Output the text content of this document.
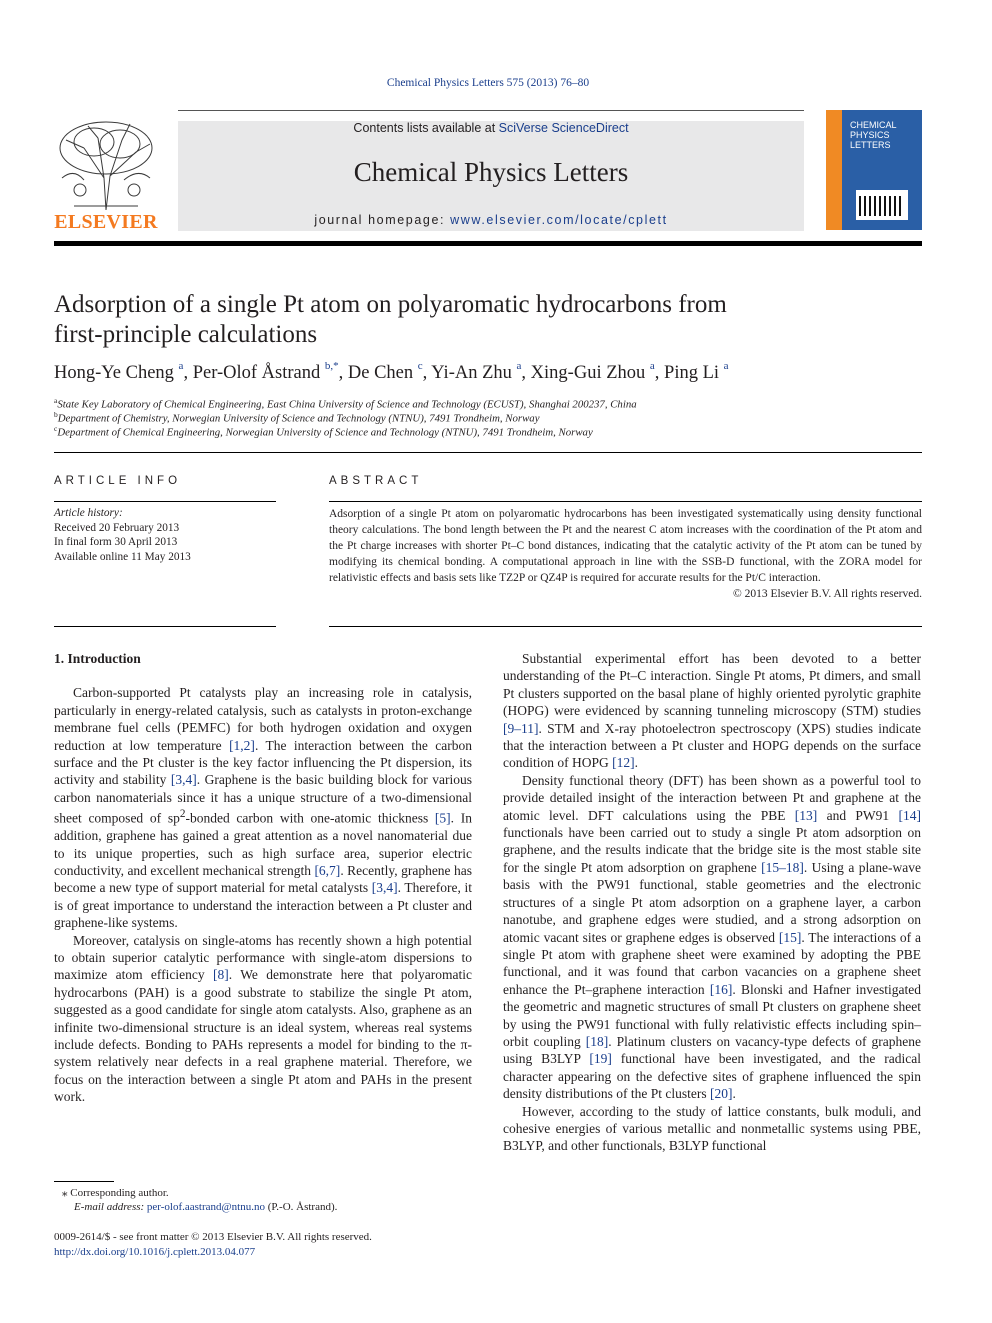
Chemical Physics Letters 575 (2013) 76–80
ELSEVIER
Contents lists available at SciVerse ScienceDirect
Chemical Physics Letters
journal homepage: www.elsevier.com/locate/cplett
CHEMICAL
PHYSICS
LETTERS
Adsorption of a single Pt atom on polyaromatic hydrocarbons from
first-principle calculations
Hong-Ye Cheng $^a$, Per-Olof Åstrand $^{b,*}$, De Chen $^c$, Yi-An Zhu $^a$, Xing-Gui Zhou $^a$, Ping Li $^a$
$^a$State Key Laboratory of Chemical Engineering, East China University of Science and Technology (ECUST), Shanghai 200237, China
$^b$Department of Chemistry, Norwegian University of Science and Technology (NTNU), 7491 Trondheim, Norway
$^c$Department of Chemical Engineering, Norwegian University of Science and Technology (NTNU), 7491 Trondheim, Norway
ARTICLE INFO
Article history:
Received 20 February 2013
In final form 30 April 2013
Available online 11 May 2013
ABSTRACT
Adsorption of a single Pt atom on polyaromatic hydrocarbons has been investigated systematically using density functional theory calculations. The bond length between the Pt and the nearest C atom increases with the coordination of the Pt atom and the Pt charge increases with shorter Pt–C bond distances, indicating that the catalytic activity of the Pt atom can be tuned by modifying its chemical bonding. A computational approach in line with the SSB-D functional, with the ZORA model for relativistic effects and basis sets like TZ2P or QZ4P is required for accurate results for the Pt/C interaction.
© 2013 Elsevier B.V. All rights reserved.
1. Introduction

Carbon-supported Pt catalysts play an increasing role in catalysis, particularly in energy-related catalysis, such as catalysts in proton-exchange membrane fuel cells (PEMFC) for both hydrogen oxidation and oxygen reduction at low temperature [1,2]. The interaction between the carbon surface and the Pt cluster is the key factor influencing the Pt dispersion, its activity and stability [3,4]. Graphene is the basic building block for various carbon nanomaterials since it has a unique structure of a two-dimensional sheet composed of $sp^2$-bonded carbon with one-atomic thickness [5]. In addition, graphene has gained a great attention as a novel nanomaterial due to its unique properties, such as high surface area, superior electric conductivity, and excellent mechanical strength [6,7]. Recently, graphene has become a new type of support material for metal catalysts [3,4]. Therefore, it is of great importance to understand the interaction between a Pt cluster and graphene-like systems.

Moreover, catalysis on single-atoms has recently shown a high potential to obtain superior catalytic performance with single-atom dispersions to maximize atom efficiency [8]. We demonstrate here that polyaromatic hydrocarbons (PAH) is a good substrate to stabilize the single Pt atom, suggested as a good candidate for single atom catalysts. Also, graphene as an infinite two-dimensional structure is an ideal system, whereas real systems include defects. Bonding to PAHs represents a model for binding to the π-system relatively near defects in a real graphene material. Therefore, we focus on the interaction between a single Pt atom and PAHs in the present work.

Substantial experimental effort has been devoted to a better understanding of the Pt–C interaction. Single Pt atoms, Pt dimers, and small Pt clusters supported on the basal plane of highly oriented pyrolytic graphite (HOPG) were evidenced by scanning tunneling microscopy (STM) studies [9–11]. STM and X-ray photoelectron spectroscopy (XPS) studies indicate that the interaction between a Pt cluster and HOPG depends on the surface condition of HOPG [12].

Density functional theory (DFT) has been shown as a powerful tool to provide detailed insight of the interaction between Pt and graphene at the atomic level. DFT calculations using the PBE [13] and PW91 [14] functionals have been carried out to study a single Pt atom adsorption on graphene, and the results indicate that the bridge site is the most stable site for the single Pt atom adsorption on graphene [15–18]. Using a plane-wave basis with the PW91 functional, stable geometries and the electronic structures of a single Pt atom adsorption on a graphene layer, a carbon nanotube, and graphene edges were studied, and a strong adsorption on atomic vacant sites or graphene edges is observed [15]. The interactions of a single Pt atom with graphene sheet were examined by adopting the PBE functional, and it was found that carbon vacancies on a graphene sheet enhance the Pt–graphene interaction [16]. Blonski and Hafner investigated the geometric and magnetic structures of small Pt clusters on graphene sheet by using the PW91 functional with fully relativistic effects including spin–orbit coupling [18]. Platinum clusters on vacancy-type defects of graphene using B3LYP [19] functional have been investigated, and the radical character appearing on the defective sites of graphene influenced the spin density distributions of the Pt clusters [20].

However, according to the study of lattice constants, bulk moduli, and cohesive energies of various metallic and nonmetallic systems using PBE, B3LYP, and other functionals, B3LYP functional

⁎ Corresponding author.
E-mail address: per-olof.aastrand@ntnu.no (P.-O. Åstrand).
0009-2614/$ - see front matter © 2013 Elsevier B.V. All rights reserved.
http://dx.doi.org/10.1016/j.cplett.2013.04.077
